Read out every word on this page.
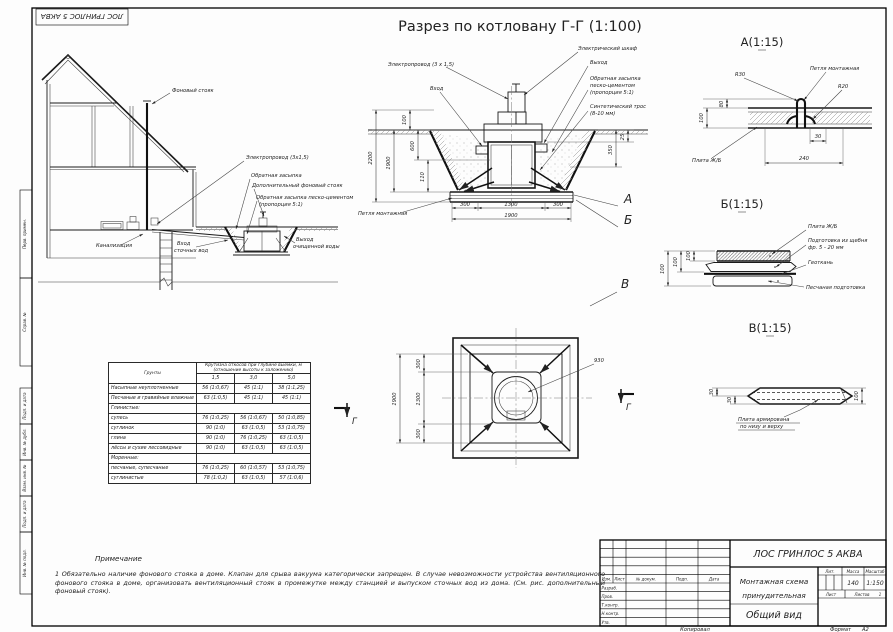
ЛОС ГРИНЛОС 5 АКВА
Перв. примен.
Справ. №
Подп. и дата
Инв. № дубл.
Взам. инв. №
Подп. и дата
Инв. № подл.
Разрез по котловану Г-Г (1:100)
Фоновый стояк
Электропровод (3х1,5)
Обратная засыпка
Дополнительный фоновый стояк
Обратная засыпка песко-цементом
(пропорция 5:1)
Канализация	Вход
сточных вод
Выход
очищенной воды
2200 1900
100
600
110
350
25
300	1300	300
1900
Электрический шкаф
Электропровод (3 х 1,5)
Вход
Выход
Обратная засыпка
песко-цементом
(пропорция 5:1)
Синтетический трос
(8-10 мм)
Петля монтажная
А
Б
300
1300
300
1900
930
В
Г
Г
А(1:15)
R30
Петля монтажная
R20
Плита Ж/Б
80
100
30
240
Б(1:15)
100
100
100
Плита Ж/Б
Подготовка из щебня
фр. 5 - 20 мм
Геоткань
Песчаная подготовка
В(1:15)
30
30	100
Плита армирована
по низу и верху
Изм. Лист	№ докум.	Подп.	Дата
Разраб.
Пров.
Т.контр.
Н.контр.
Утв.
ЛОС ГРИНЛОС 5 АКВА
Монтажная схема
принудительная
Общий вид
Лит.	Масса Масштаб
140 1:150
Лист	Листов 1
Копировал	Формат А2
Грунты	Крутизна откосов при глубине выемки, м
(отношение высоты к заложению)		

	1,5	3,0	5,0
Насыпные неуплотненные	56 (1:0,67)	45 (1:1)	38 (1:1,25)
Песчаные и гравийные влажные	63 (1:0,5)	45 (1:1)	45 (1:1)
Глинистые:			
супесь	76 (1:0,25)	56 (1:0,67)	50 (1:0,85)
суглинок	90 (1:0)	63 (1:0,5)	53 (1:0,75)
глина	90 (1:0)	76 (1:0,25)	63 (1:0,5)
лёссы и сухие лессовидные	90 (1:0)	63 (1:0,5)	63 (1:0,5)
Моренные:			
песчаные, супесчаные	76 (1:0,25)	60 (1:0,57)	53 (1:0,75)
суглинистые	78 (1:0,2)	63 (1:0,5)	57 (1:0,6)
Примечание
1 Обязательно наличие фонового стояка в доме. Клапан для срыва вакуума категорически запрещен. В случае невозможности устройства вентиляционного фонового стояка в доме, организовать вентиляционный стояк в промежутке между станцией и выпуском сточных вод из дома. (См. рис. дополнительный фоновый стояк).
